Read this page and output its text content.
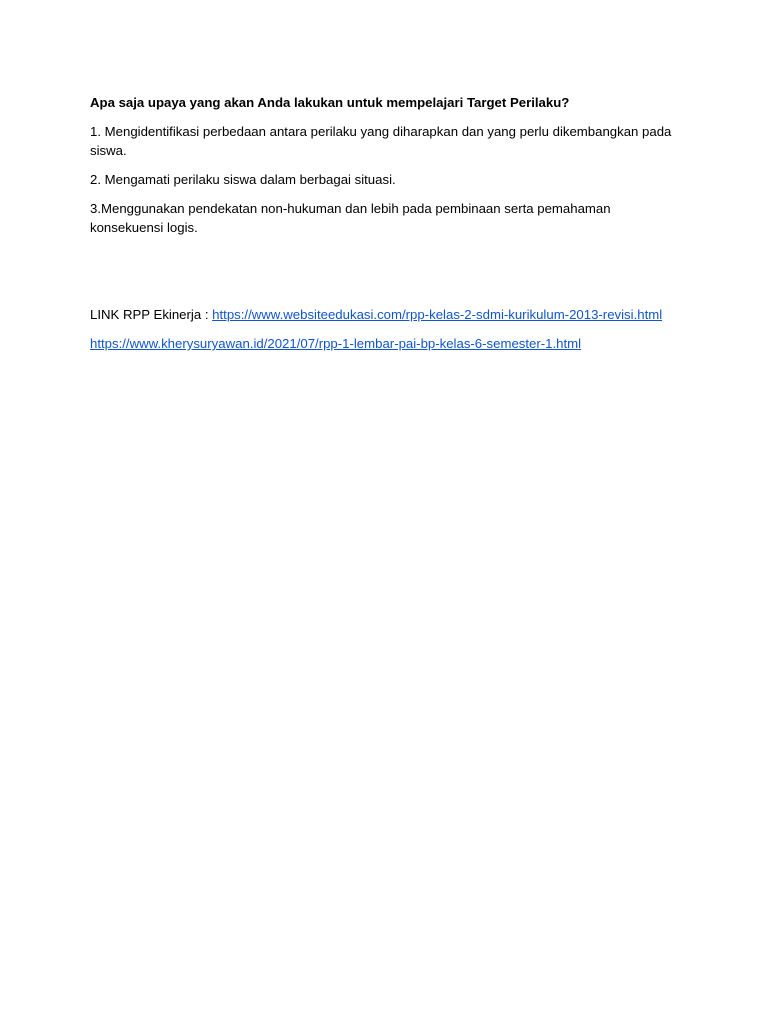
Apa saja upaya yang akan Anda lakukan untuk mempelajari Target Perilaku?

1. Mengidentifikasi perbedaan antara perilaku yang diharapkan dan yang perlu dikembangkan pada siswa.

2. Mengamati perilaku siswa dalam berbagai situasi.

3.Menggunakan pendekatan non-hukuman dan lebih pada pembinaan serta pemahaman konsekuensi logis.

LINK RPP Ekinerja : https://www.websiteedukasi.com/rpp-kelas-2-sdmi-kurikulum-2013-revisi.html

https://www.kherysuryawan.id/2021/07/rpp-1-lembar-pai-bp-kelas-6-semester-1.html
